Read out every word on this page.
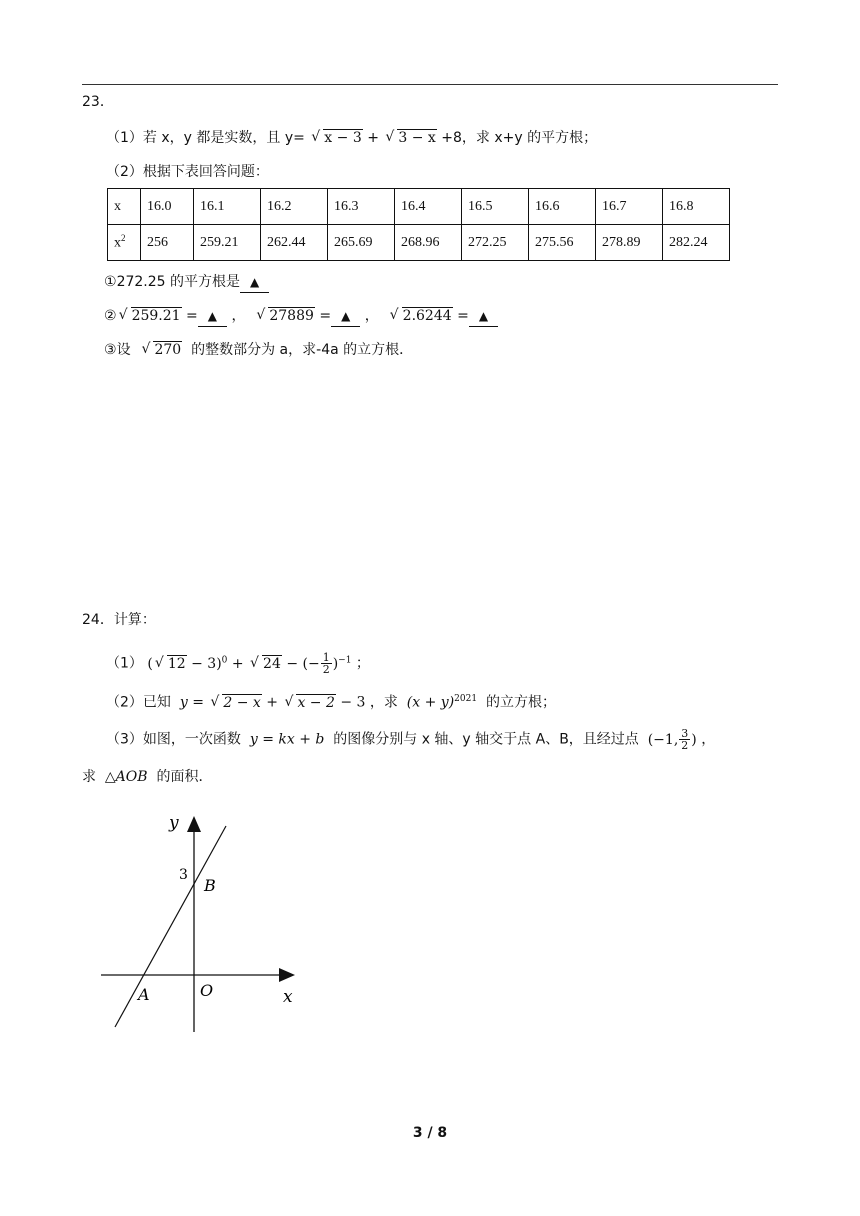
23．
（1）若 x，y 都是实数，且 y= √ x − 3 + √ 3 − x +8，求 x+y 的平方根；
（2）根据下表回答问题：
x	16.0	16.1	16.2	16.3	16.4	16.5	16.6	16.7	16.8
$x^2$	256	259.21	262.44	265.69	268.96	272.25	275.56	278.89	282.24
①272.25 的平方根是 ▲
② √ 259.21 = ▲ ， √ 27889 = ▲ ， √ 2.6244 = ▲
③设 √ 270 的整数部分为 a，求-4a 的立方根．
24．计算：
（1） ( √ 12 − 3)$^0$ + √ 24 − (− $\frac{1}{2} )^{-1}$ ；
（2）已知 y = √ 2 − x + √ x − 2 − 3 ，求 $(x + y)^{2021}$ 的立方根；
（3）如图，一次函数 y = kx + b 的图像分别与 x 轴、y 轴交于点 A、B，且经过点 (−1, $\frac{3}{2}$ ) ，
求 △AOB 的面积．
y
x
3
B
A	O
3 / 8
